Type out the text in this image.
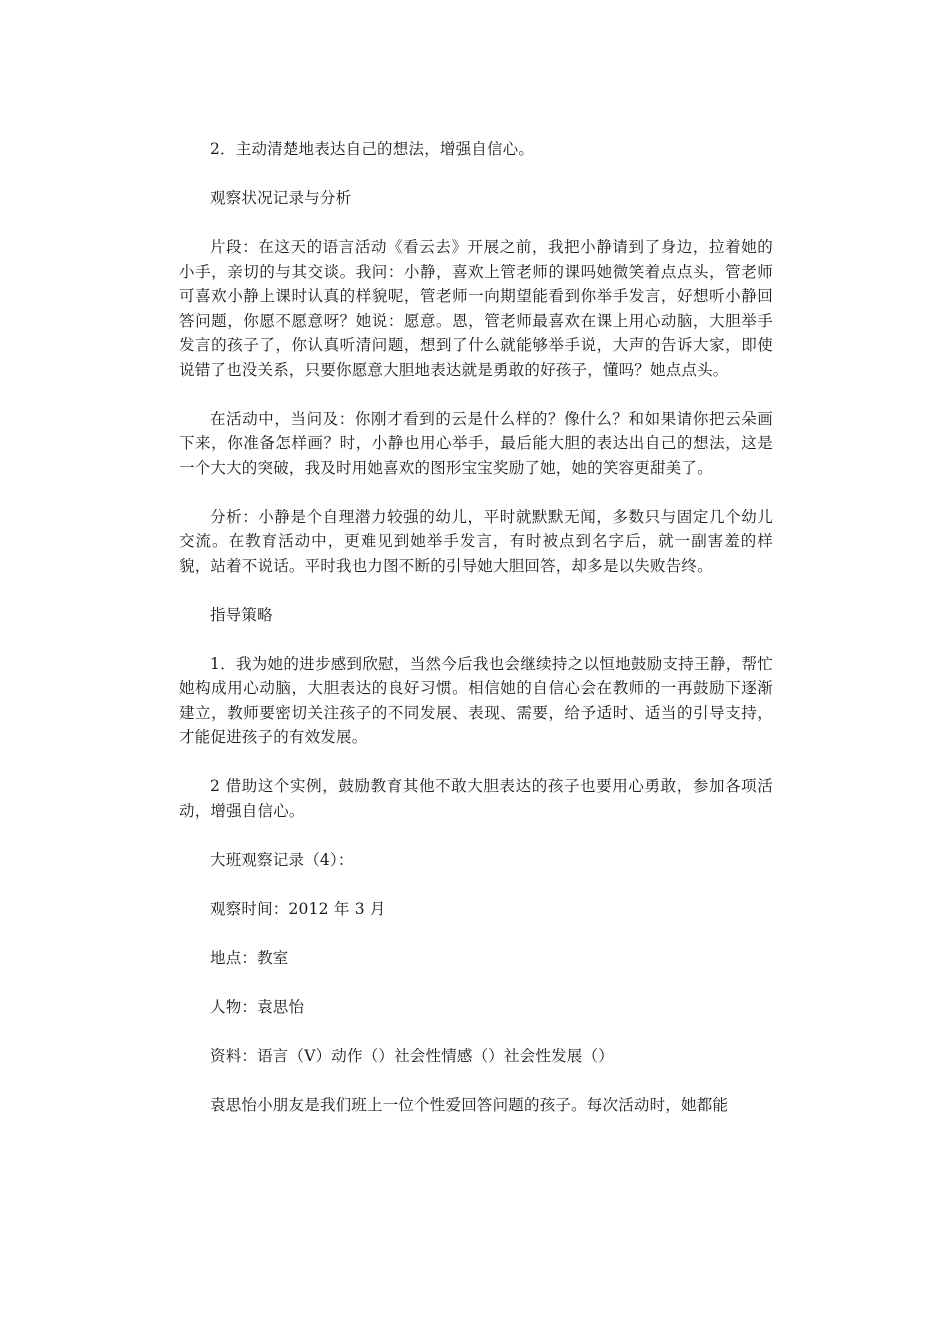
2．主动清楚地表达自己的想法，增强自信心。

观察状况记录与分析

片段：在这天的语言活动《看云去》开展之前，我把小静请到了身边，拉着她的小手，亲切的与其交谈。我问：小静，喜欢上管老师的课吗她微笑着点点头，管老师可喜欢小静上课时认真的样貌呢，管老师一向期望能看到你举手发言，好想听小静回答问题，你愿不愿意呀？她说：愿意。恩，管老师最喜欢在课上用心动脑，大胆举手发言的孩子了，你认真听清问题，想到了什么就能够举手说，大声的告诉大家，即使说错了也没关系，只要你愿意大胆地表达就是勇敢的好孩子，懂吗？她点点头。

在活动中，当问及：你刚才看到的云是什么样的？像什么？和如果请你把云朵画下来，你准备怎样画？时，小静也用心举手，最后能大胆的表达出自己的想法，这是一个大大的突破，我及时用她喜欢的图形宝宝奖励了她，她的笑容更甜美了。

分析：小静是个自理潜力较强的幼儿，平时就默默无闻，多数只与固定几个幼儿交流。在教育活动中，更难见到她举手发言，有时被点到名字后，就一副害羞的样貌，站着不说话。平时我也力图不断的引导她大胆回答，却多是以失败告终。

指导策略

1．我为她的进步感到欣慰，当然今后我也会继续持之以恒地鼓励支持王静，帮忙她构成用心动脑，大胆表达的良好习惯。相信她的自信心会在教师的一再鼓励下逐渐建立，教师要密切关注孩子的不同发展、表现、需要，给予适时、适当的引导支持，才能促进孩子的有效发展。

2 借助这个实例，鼓励教育其他不敢大胆表达的孩子也要用心勇敢，参加各项活动，增强自信心。

大班观察记录（4）：

观察时间：2012 年 3 月

地点：教室

人物：袁思怡

资料：语言（V）动作（）社会性情感（）社会性发展（）

袁思怡小朋友是我们班上一位个性爱回答问题的孩子。每次活动时，她都能
